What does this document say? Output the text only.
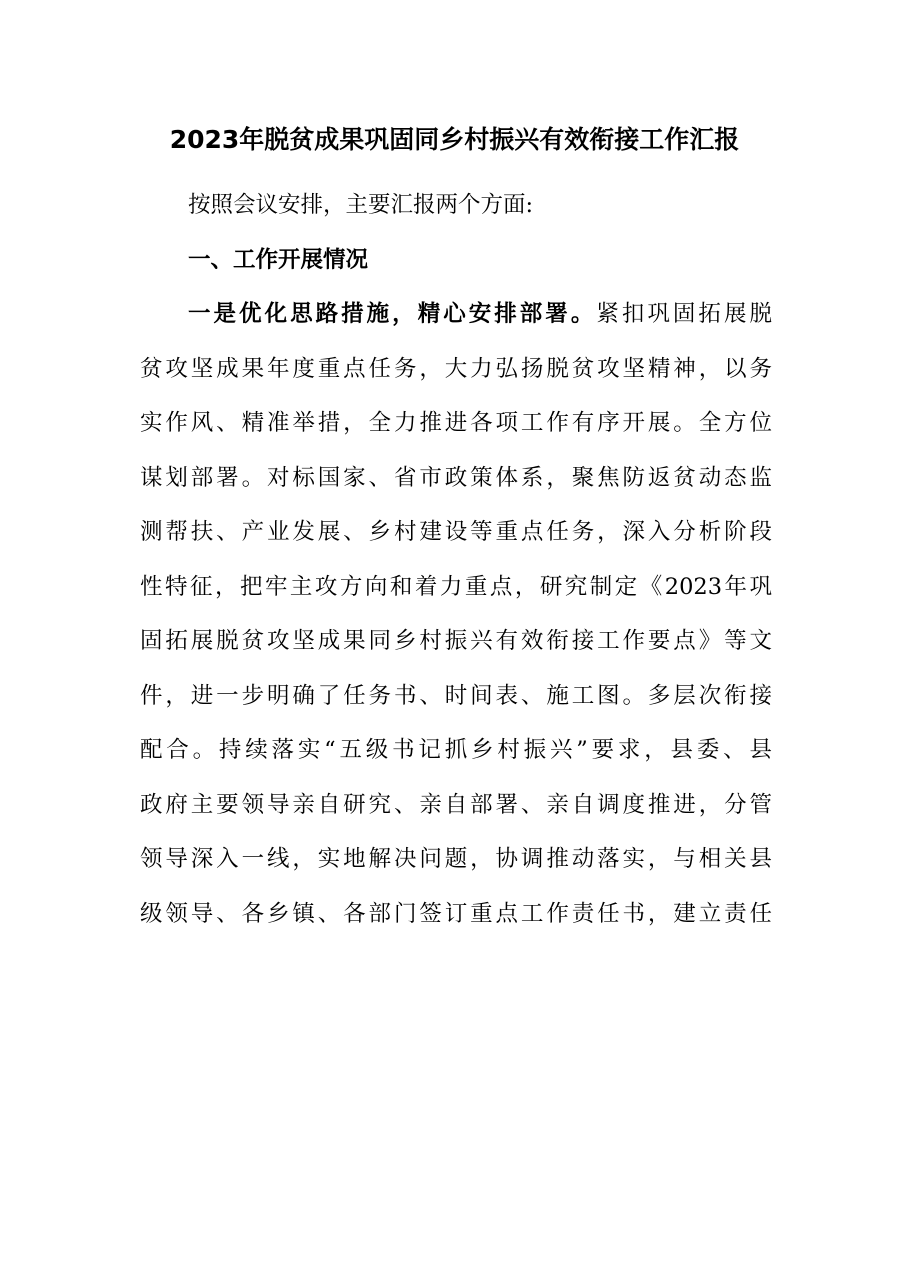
2023年脱贫成果巩固同乡村振兴有效衔接工作汇报
按照会议安排，主要汇报两个方面:
一、工作开展情况
一是优化思路措施，精心安排部署。紧扣巩固拓展脱
贫攻坚成果年度重点任务，大力弘扬脱贫攻坚精神，以务
实作风、精准举措，全力推进各项工作有序开展。全方位
谋划部署。对标国家、省市政策体系，聚焦防返贫动态监
测帮扶、产业发展、乡村建设等重点任务，深入分析阶段
性特征，把牢主攻方向和着力重点，研究制定《2023年巩
固拓展脱贫攻坚成果同乡村振兴有效衔接工作要点》等文
件，进一步明确了任务书、时间表、施工图。多层次衔接
配合。持续落实“五级书记抓乡村振兴”要求，县委、县
政府主要领导亲自研究、亲自部署、亲自调度推进，分管
领导深入一线，实地解决问题，协调推动落实，与相关县
级领导、各乡镇、各部门签订重点工作责任书，建立责任
